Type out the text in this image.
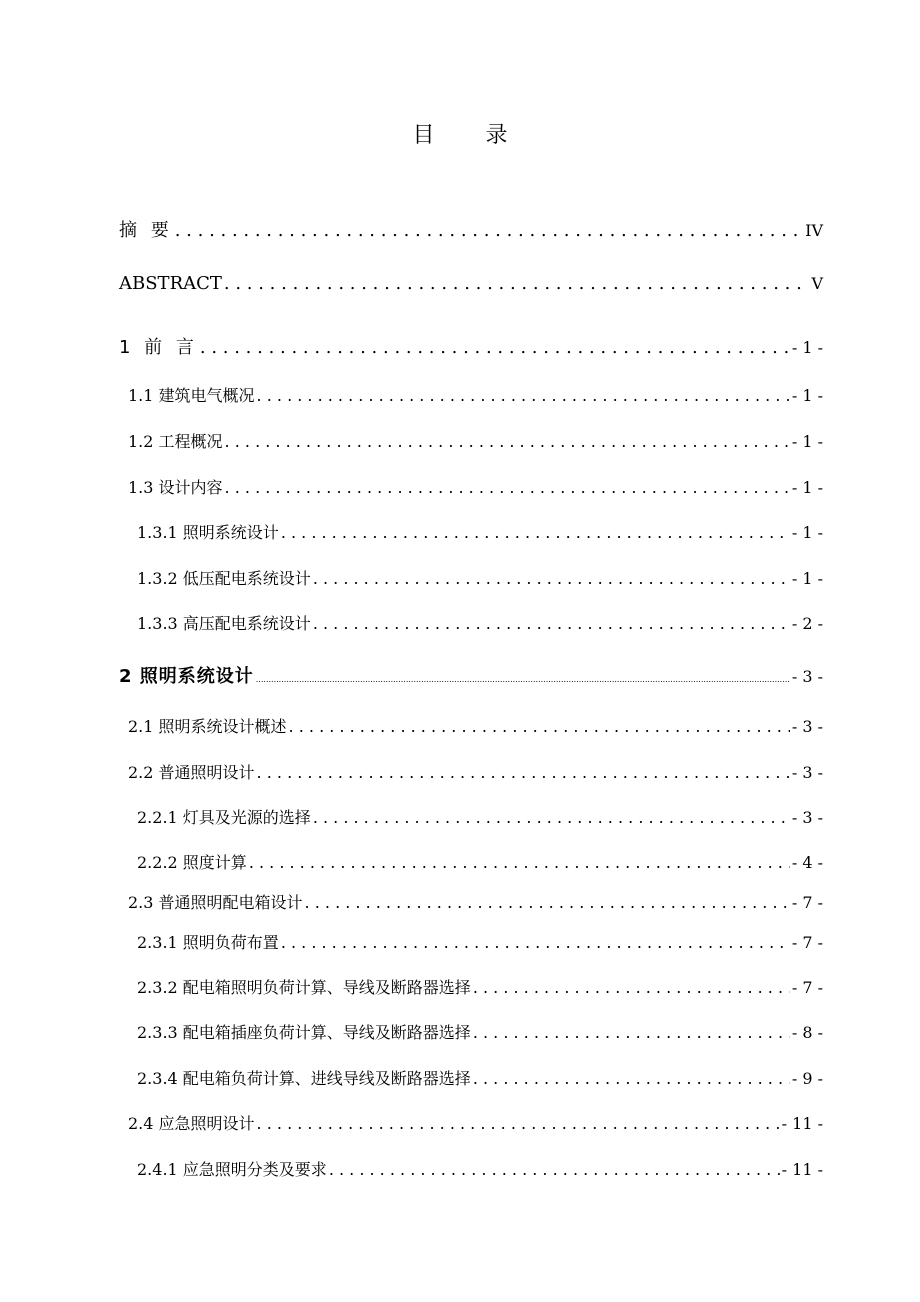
目 录
摘 要 . . .	IV
ABSTRACT . . .	V
1 前 言 . . .	- 1 -
1.1 建筑电气概况 . . .	- 1 -
1.2 工程概况 . . .	- 1 -
1.3 设计内容 . . .	- 1 -
1.3.1 照明系统设计 . . .	- 1 -
1.3.2 低压配电系统设计 . . .	- 1 -
1.3.3 高压配电系统设计 . . .	- 2 -
2 照明系统设计 .....	- 3 -
2.1 照明系统设计概述 . . .	- 3 -
2.2 普通照明设计 . . .	- 3 -
2.2.1 灯具及光源的选择 . . .	- 3 -
2.2.2 照度计算 . . .	- 4 -
2.3 普通照明配电箱设计 . . .	- 7 -
2.3.1 照明负荷布置 . . .	- 7 -
2.3.2 配电箱照明负荷计算、导线及断路器选择 . . .	- 7 -
2.3.3 配电箱插座负荷计算、导线及断路器选择 . . .	- 8 -
2.3.4 配电箱负荷计算、进线导线及断路器选择 . . .	- 9 -
2.4 应急照明设计 . . .	- 11 -
2.4.1 应急照明分类及要求 . . .	- 11 -
